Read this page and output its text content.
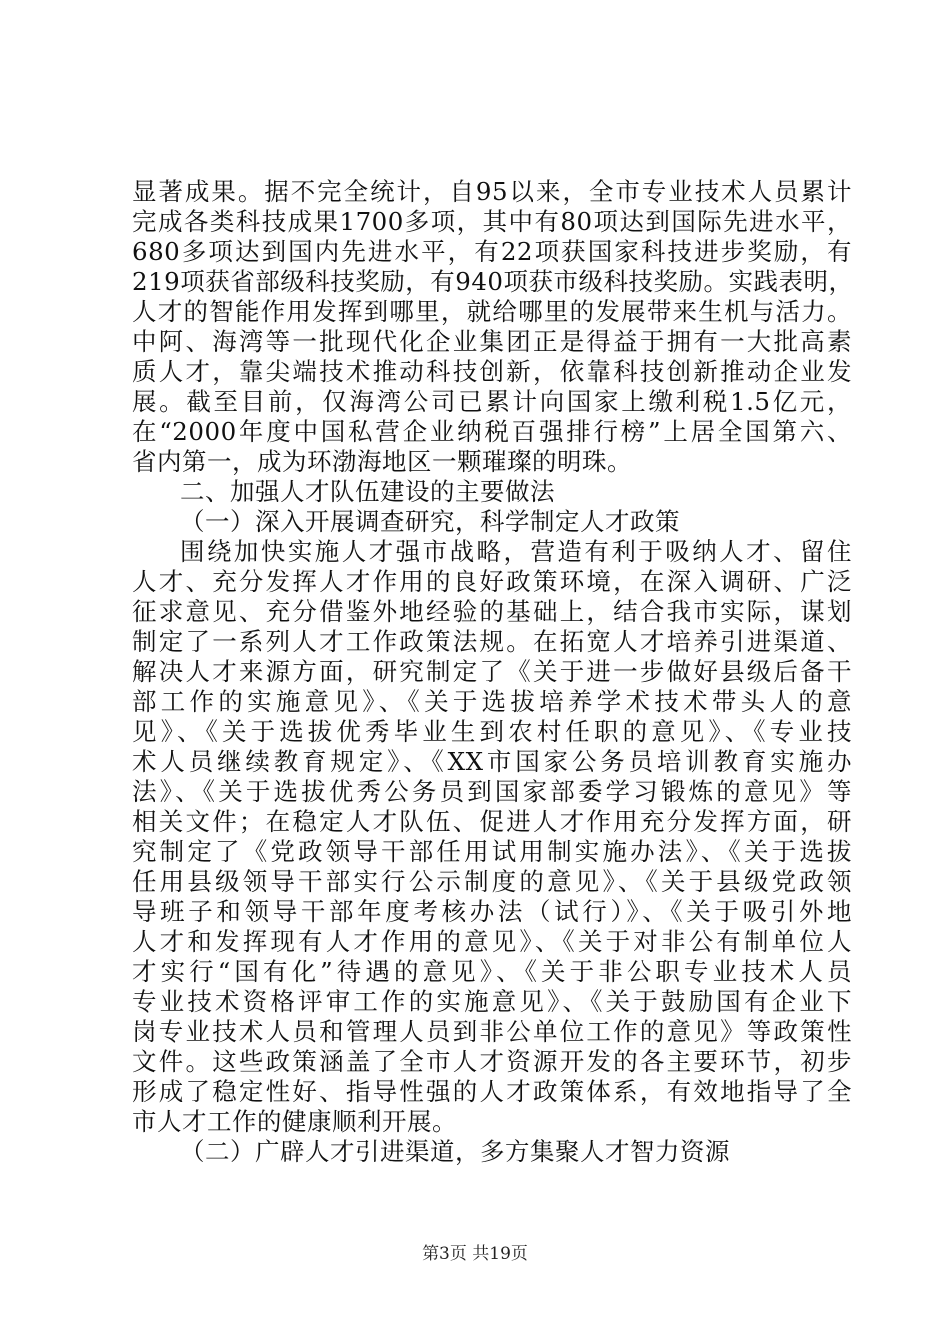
显著成果。据不完全统计，自95以来，全市专业技术人员累计
完成各类科技成果1700多项，其中有80项达到国际先进水平，
680多项达到国内先进水平，有22项获国家科技进步奖励，有
219项获省部级科技奖励，有940项获市级科技奖励。实践表明，
人才的智能作用发挥到哪里，就给哪里的发展带来生机与活力。
中阿、海湾等一批现代化企业集团正是得益于拥有一大批高素
质人才，靠尖端技术推动科技创新，依靠科技创新推动企业发
展。截至目前，仅海湾公司已累计向国家上缴利税1.5亿元，
在“2000年度中国私营企业纳税百强排行榜”上居全国第六、
省内第一，成为环渤海地区一颗璀璨的明珠。
二、加强人才队伍建设的主要做法
（一）深入开展调查研究，科学制定人才政策
围绕加快实施人才强市战略，营造有利于吸纳人才、留住
人才、充分发挥人才作用的良好政策环境，在深入调研、广泛
征求意见、充分借鉴外地经验的基础上，结合我市实际，谋划
制定了一系列人才工作政策法规。在拓宽人才培养引进渠道、
解决人才来源方面，研究制定了《关于进一步做好县级后备干
部工作的实施意见》、《关于选拔培养学术技术带头人的意
见》、《关于选拔优秀毕业生到农村任职的意见》、《专业技
术人员继续教育规定》、《XX市国家公务员培训教育实施办
法》、《关于选拔优秀公务员到国家部委学习锻炼的意见》等
相关文件；在稳定人才队伍、促进人才作用充分发挥方面，研
究制定了《党政领导干部任用试用制实施办法》、《关于选拔
任用县级领导干部实行公示制度的意见》、《关于县级党政领
导班子和领导干部年度考核办法（试行）》、《关于吸引外地
人才和发挥现有人才作用的意见》、《关于对非公有制单位人
才实行“国有化”待遇的意见》、《关于非公职专业技术人员
专业技术资格评审工作的实施意见》、《关于鼓励国有企业下
岗专业技术人员和管理人员到非公单位工作的意见》等政策性
文件。这些政策涵盖了全市人才资源开发的各主要环节，初步
形成了稳定性好、指导性强的人才政策体系，有效地指导了全
市人才工作的健康顺利开展。
（二）广辟人才引进渠道，多方集聚人才智力资源
第3页 共19页
